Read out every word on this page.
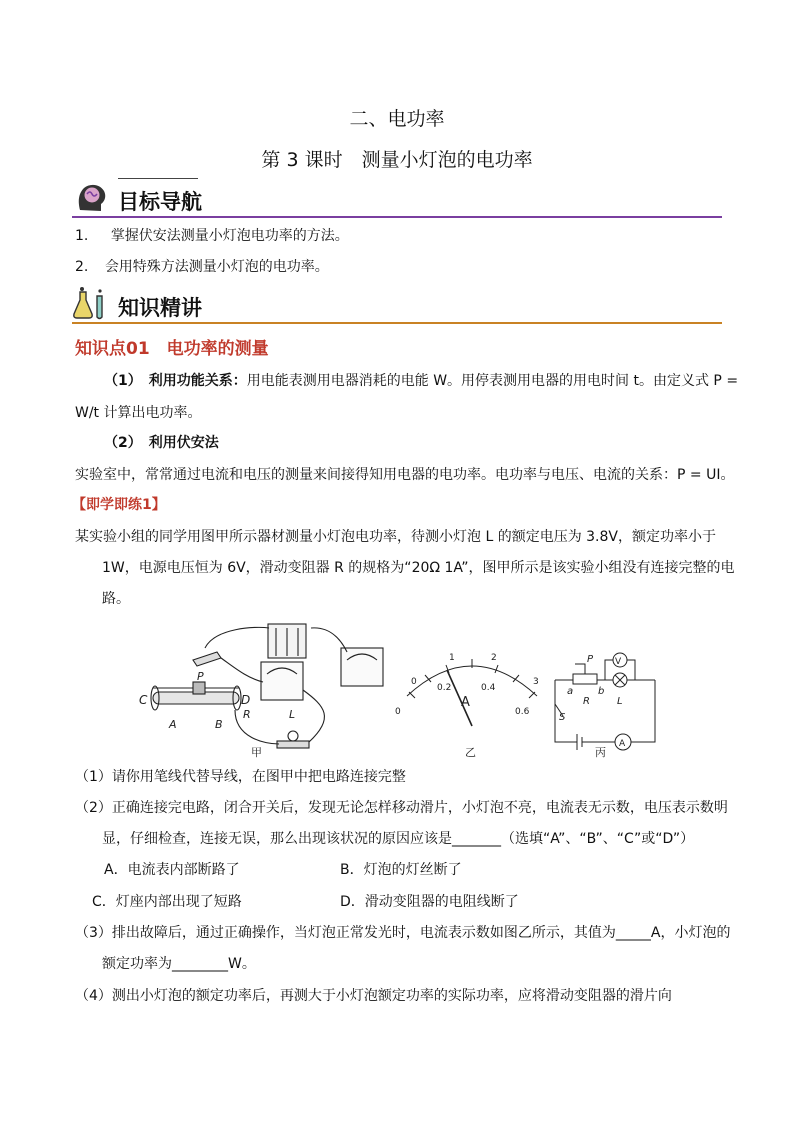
二、电功率
第 3 课时　测量小灯泡的电功率
目标导航
1. 掌握伏安法测量小灯泡电功率的方法。
2. 会用特殊方法测量小灯泡的电功率。
知识精讲
知识点01　电功率的测量
（1）　利用功能关系：用电能表测用电器消耗的电能 W。用停表测用电器的用电时间 t。由定义式 P =
W/t 计算出电功率。
（2）　利用伏安法
实验室中，常常通过电流和电压的测量来间接得知用电器的电功率。电功率与电压、电流的关系：P = UI。
【即学即练1】
某实验小组的同学用图甲所示器材测量小灯泡电功率，待测小灯泡 L 的额定电压为 3.8V，额定功率小于
1W，电源电压恒为 6V，滑动变阻器 R 的规格为“20Ω 1A”，图甲所示是该实验小组没有连接完整的电
路。
C	D
A	B
P
R	L
甲
0
0.2	0.4
0.6
0
1	2
3
A
乙
V
A
a b
P
R	L
S
丙
（1）请你用笔线代替导线，在图甲中把电路连接完整
（2）正确连接完电路，闭合开关后，发现无论怎样移动滑片，小灯泡不亮，电流表无示数，电压表示数明
显，仔细检查，连接无误，那么出现该状况的原因应该是_______（选填“A”、“B”、“C”或“D”）
A．电流表内部断路了	B．灯泡的灯丝断了
C．灯座内部出现了短路	D．滑动变阻器的电阻线断了
（3）排出故障后，通过正确操作，当灯泡正常发光时，电流表示数如图乙所示，其值为_____A，小灯泡的
额定功率为________W。
（4）测出小灯泡的额定功率后，再测大于小灯泡额定功率的实际功率，应将滑动变阻器的滑片向
